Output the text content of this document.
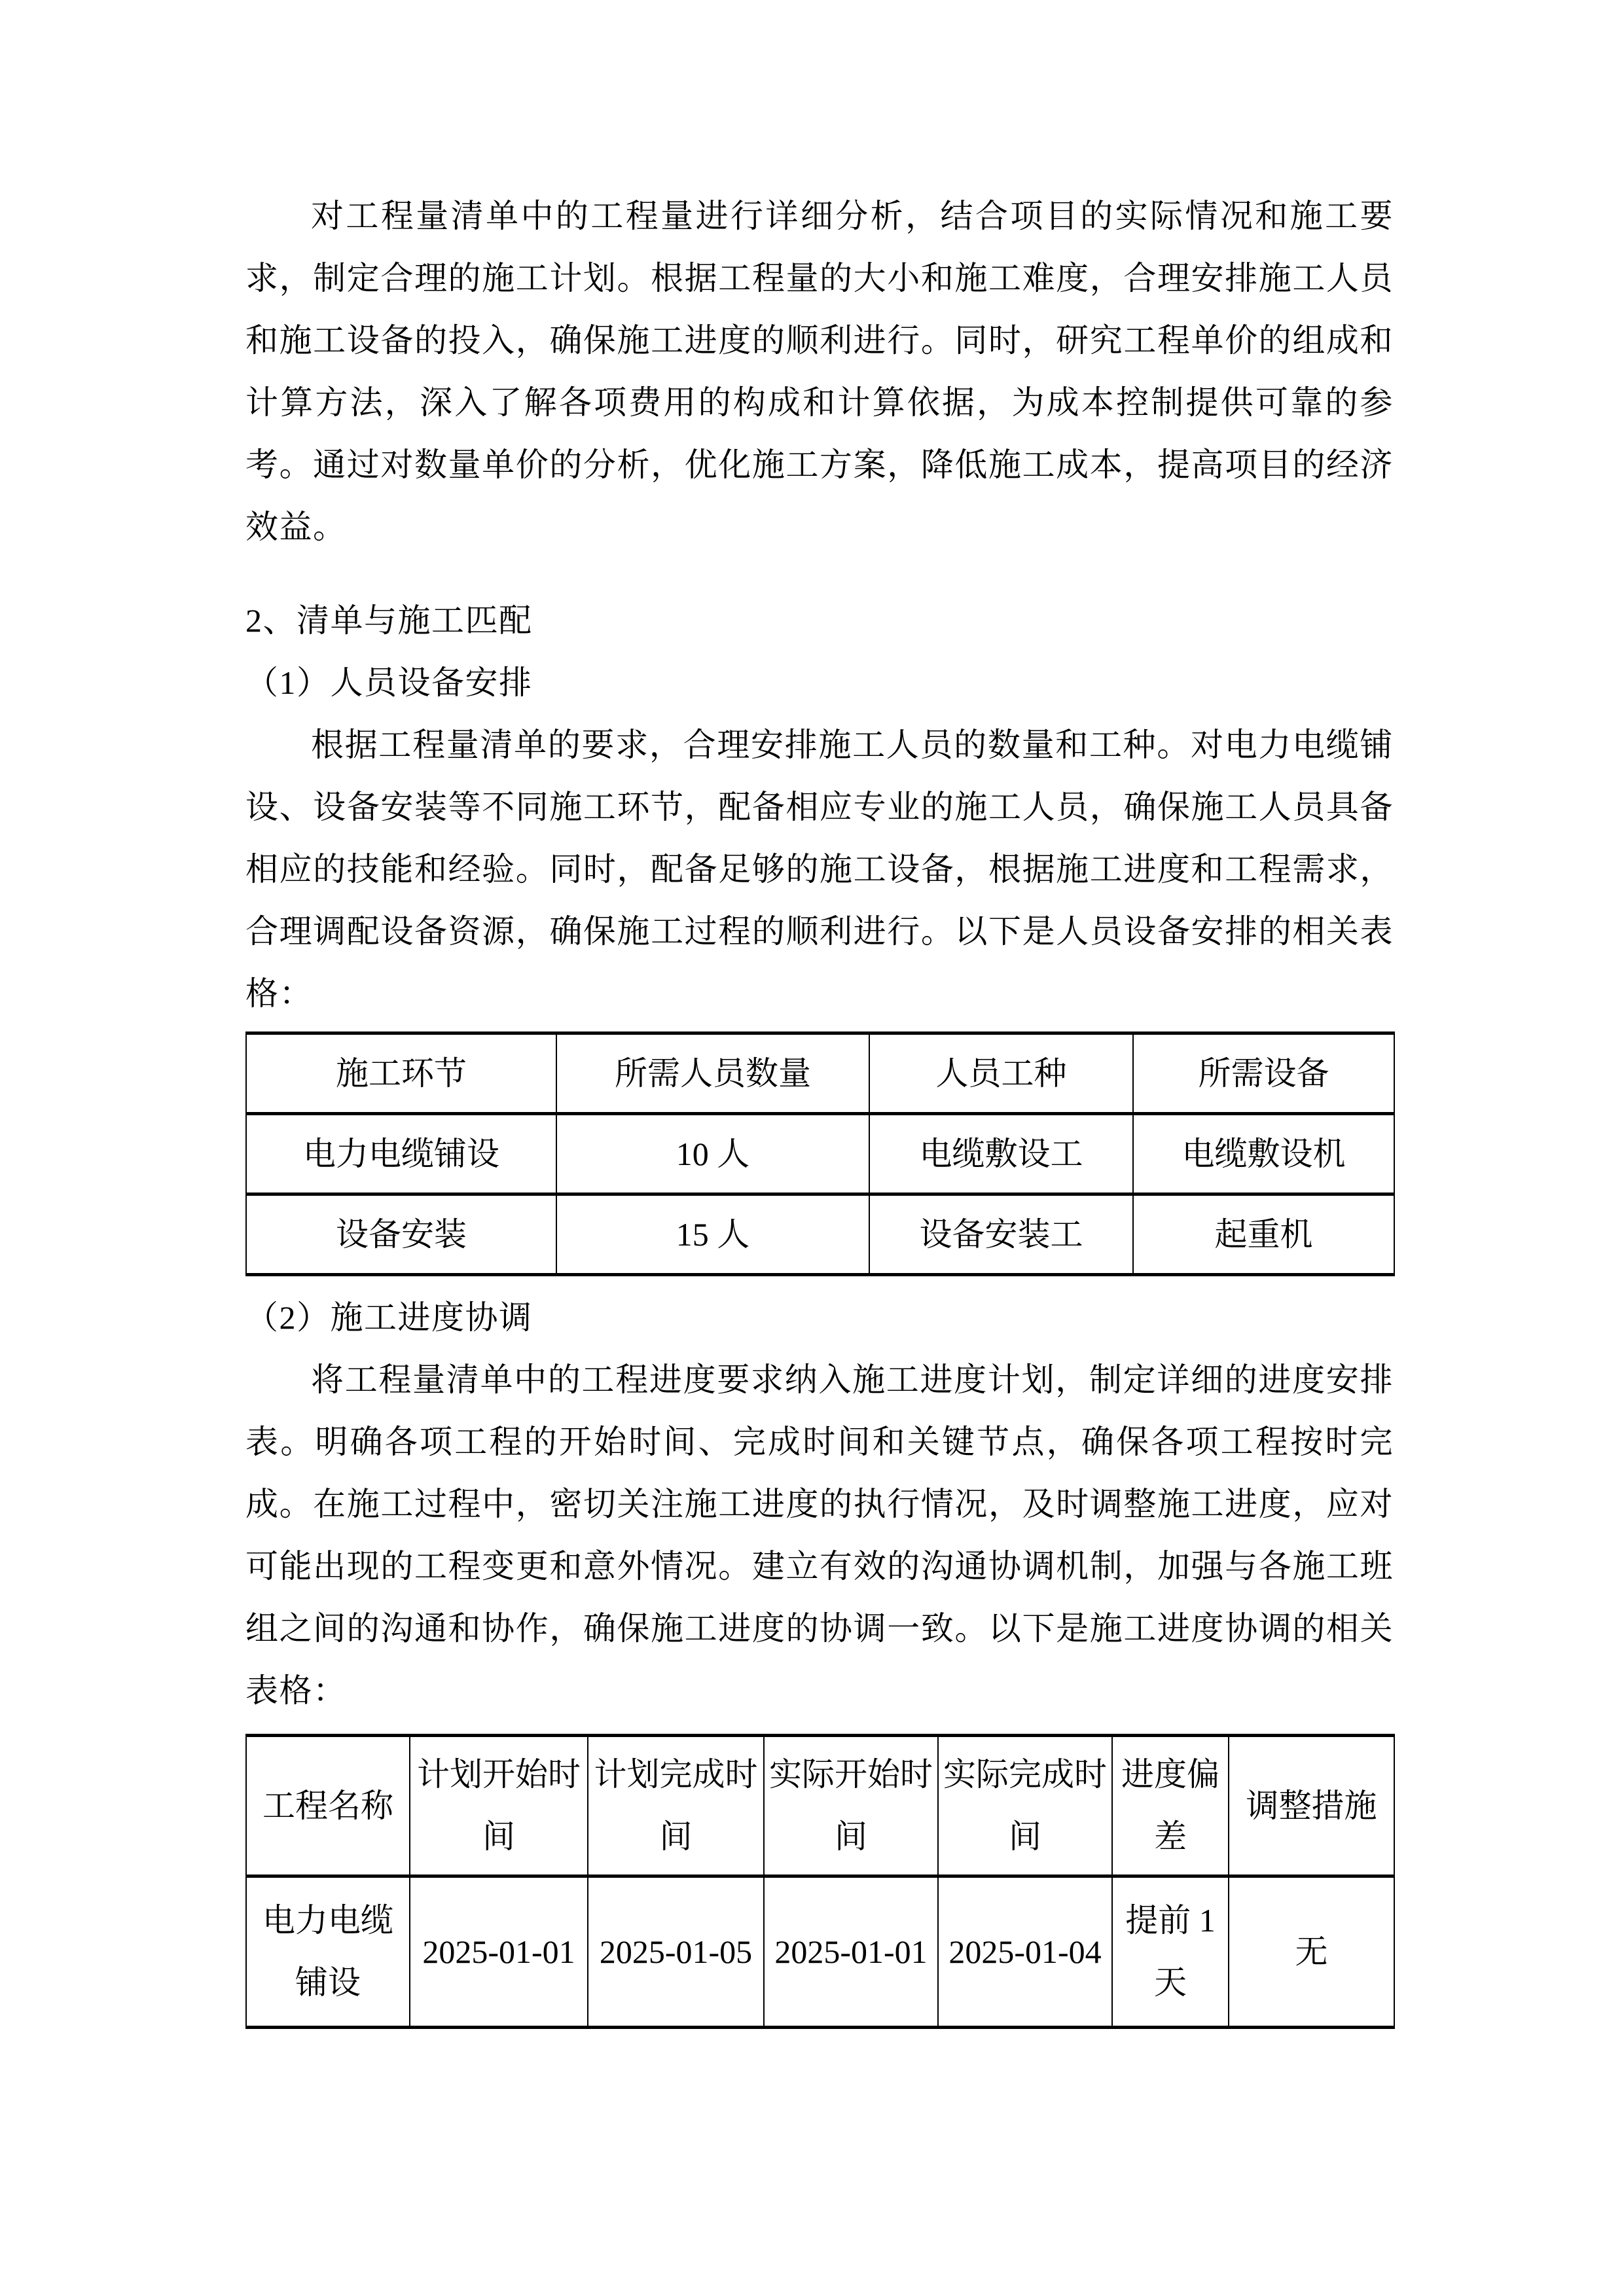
对工程量清单中的工程量进行详细分析，结合项目的实际情况和施工要求，制定合理的施工计划。根据工程量的大小和施工难度，合理安排施工人员和施工设备的投入，确保施工进度的顺利进行。同时，研究工程单价的组成和计算方法，深入了解各项费用的构成和计算依据，为成本控制提供可靠的参考。通过对数量单价的分析，优化施工方案，降低施工成本，提高项目的经济效益。

2、清单与施工匹配

（1）人员设备安排

根据工程量清单的要求，合理安排施工人员的数量和工种。对电力电缆铺设、设备安装等不同施工环节，配备相应专业的施工人员，确保施工人员具备相应的技能和经验。同时，配备足够的施工设备，根据施工进度和工程需求，合理调配设备资源，确保施工过程的顺利进行。以下是人员设备安排的相关表格：

施工环节	所需人员数量	人员工种	所需设备
电力电缆铺设	10 人	电缆敷设工	电缆敷设机
设备安装	15 人	设备安装工	起重机

（2）施工进度协调

将工程量清单中的工程进度要求纳入施工进度计划，制定详细的进度安排表。明确各项工程的开始时间、完成时间和关键节点，确保各项工程按时完成。在施工过程中，密切关注施工进度的执行情况，及时调整施工进度，应对可能出现的工程变更和意外情况。建立有效的沟通协调机制，加强与各施工班组之间的沟通和协作，确保施工进度的协调一致。以下是施工进度协调的相关表格：

工程名称	计划开始时间	计划完成时间	实际开始时间	实际完成时间	进度偏差	调整措施
电力电缆铺设	2025-01-01	2025-01-05	2025-01-01	2025-01-04	提前 1 天	无
